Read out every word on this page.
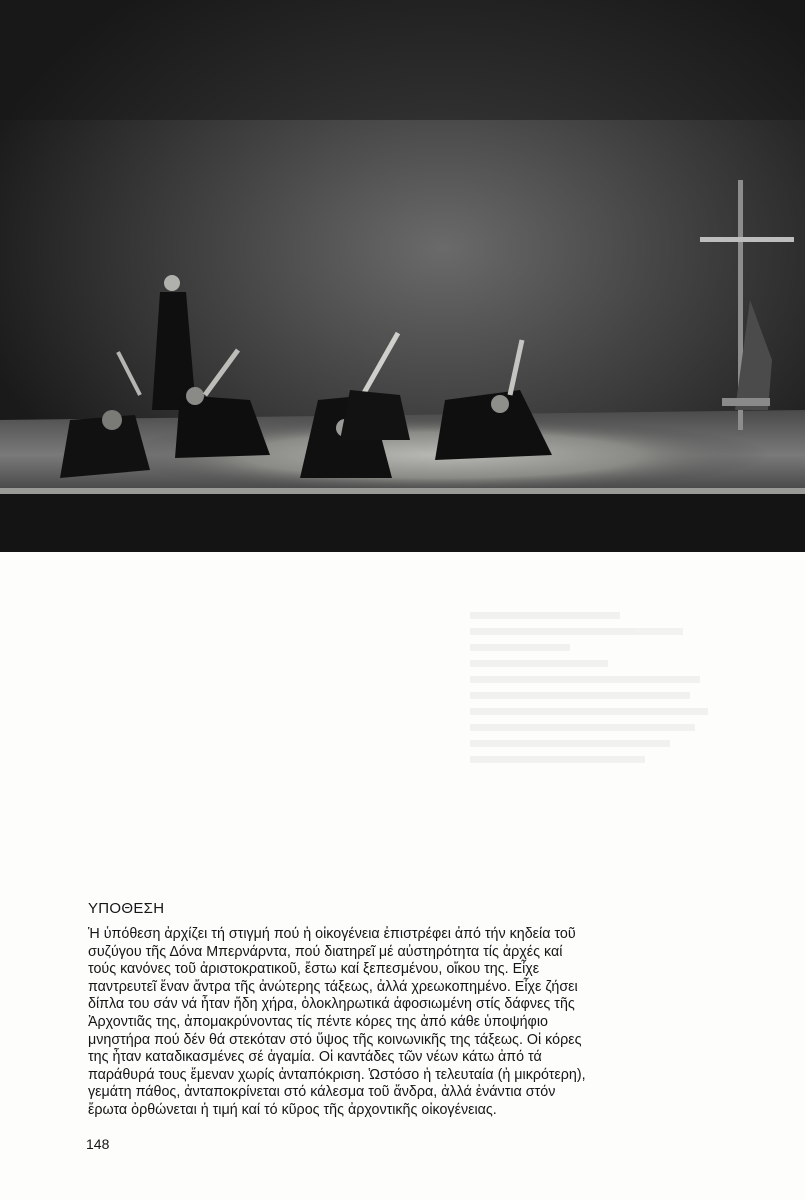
ΥΠΟΘΕΣΗ
Ἡ ὑπόθεση ἀρχίζει τή στιγμή πού ἡ οἰκογένεια ἐπιστρέφει ἀπό τήν κηδεία τοῦ
συζύγου τῆς Δόνα Μπερνάρντα, πού διατηρεῖ μέ αὐστηρότητα τίς ἀρχές καί
τούς κανόνες τοῦ ἀριστοκρατικοῦ, ἔστω καί ξεπεσμένου, οἴκου της. Εἶχε
παντρευτεῖ ἕναν ἄντρα τῆς ἀνώτερης τάξεως, ἀλλά χρεωκοπημένο. Εἶχε ζήσει
δίπλα του σάν νά ἦταν ἤδη χήρα, ὁλοκληρωτικά ἀφοσιωμένη στίς δάφνες τῆς
Ἀρχοντιᾶς της, ἀπομακρύνοντας τίς πέντε κόρες της ἀπό κάθε ὑποψήφιο
μνηστήρα πού δέν θά στεκόταν στό ὕψος τῆς κοινωνικῆς της τάξεως. Οἱ κόρες
της ἦταν καταδικασμένες σέ ἀγαμία. Οἱ καντάδες τῶν νέων κάτω ἀπό τά
παράθυρά τους ἔμεναν χωρίς ἀνταπόκριση. Ὡστόσο ἡ τελευταία (ἡ μικρότερη),
γεμάτη πάθος, ἀνταποκρίνεται στό κάλεσμα τοῦ ἄνδρα, ἀλλά ἐνάντια στόν
ἔρωτα ὀρθώνεται ἡ τιμή καί τό κῦρος τῆς ἀρχοντικῆς οἰκογένειας.
148
